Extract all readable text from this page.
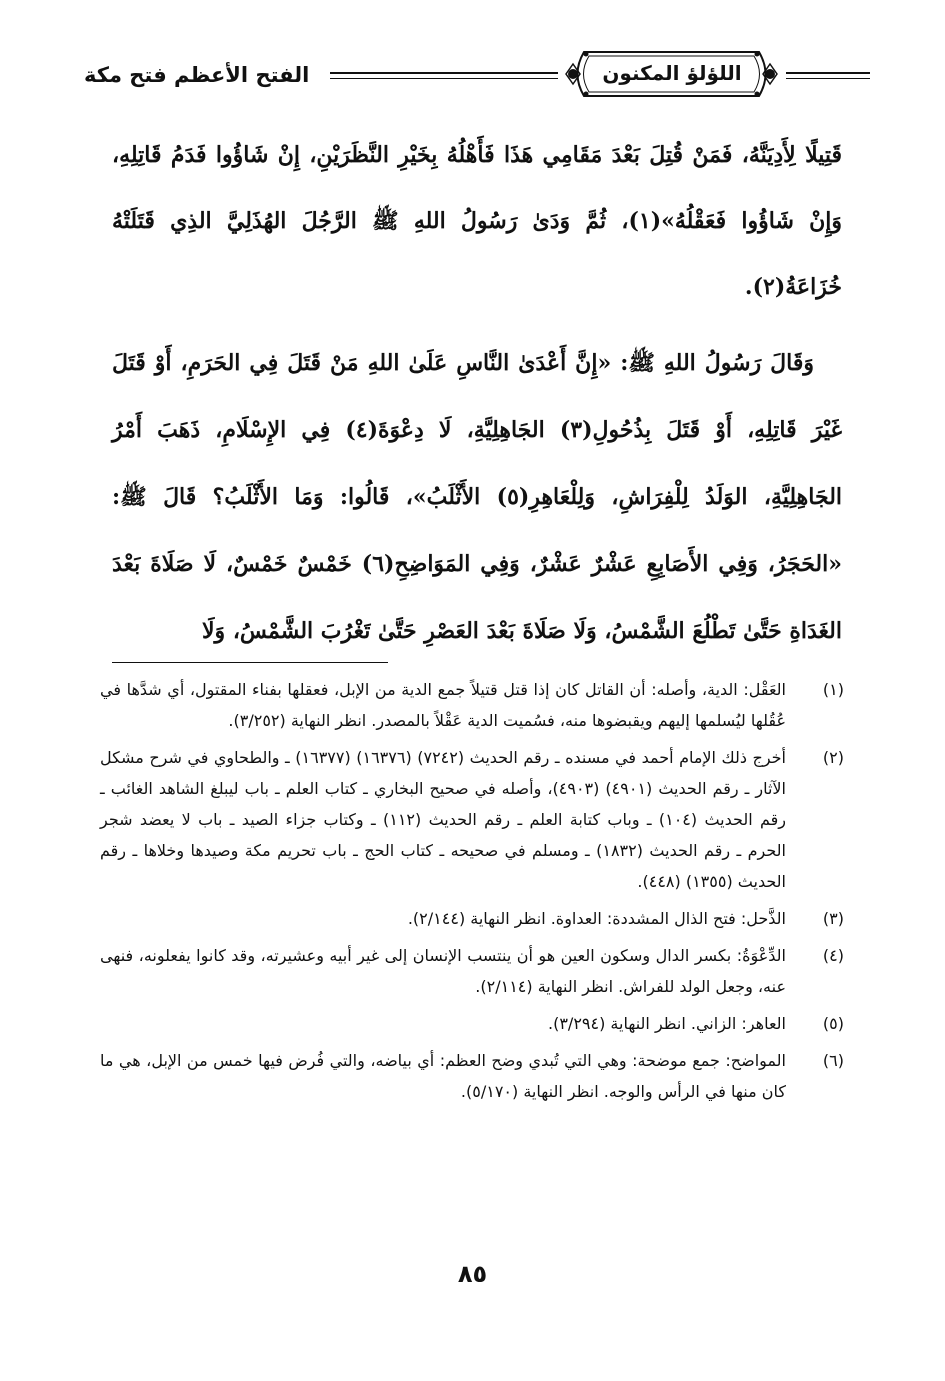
الفتح الأعظم فتح مكة	اللؤلؤ المكنون

قَتِيلًا لِأَدِيَنَّهُ، فَمَنْ قُتِلَ بَعْدَ مَقَامِي هَذَا فَأَهْلُهُ بِخَيْرِ النَّظَرَيْنِ، إِنْ شَاؤُوا فَدَمُ قَاتِلِهِ، وَإِنْ شَاؤُوا فَعَقْلُهُ»(١)، ثُمَّ وَدَىٰ رَسُولُ اللهِ ﷺ الرَّجُلَ الهُذَلِيَّ الذِي قَتَلَتْهُ خُزَاعَةُ(٢).

وَقَالَ رَسُولُ اللهِ ﷺ: «إِنَّ أَعْدَىٰ النَّاسِ عَلَىٰ اللهِ مَنْ قَتَلَ فِي الحَرَمِ، أَوْ قَتَلَ غَيْرَ قَاتِلِهِ، أَوْ قَتَلَ بِذُحُولِ(٣) الجَاهِلِيَّةِ، لَا دِعْوَةَ(٤) فِي الإِسْلَامِ، ذَهَبَ أَمْرُ الجَاهِلِيَّةِ، الوَلَدُ لِلْفِرَاشِ، وَلِلْعَاهِرِ(٥) الأَثْلَبُ»، قَالُوا: وَمَا الأَثْلَبُ؟ قَالَ ﷺ: «الحَجَرُ، وَفِي الأَصَابِعِ عَشْرٌ عَشْرٌ، وَفِي المَوَاضِحِ(٦) خَمْسٌ خَمْسٌ، لَا صَلَاةَ بَعْدَ الغَدَاةِ حَتَّىٰ تَطْلُعَ الشَّمْسُ، وَلَا صَلَاةَ بَعْدَ العَصْرِ حَتَّىٰ تَغْرُبَ الشَّمْسُ، وَلَا

(١)
العَقْل: الدية، وأصله: أن القاتل كان إذا قتل قتيلاً جمع الدية من الإبل، فعقلها بفناء المقتول، أي شدَّها في عُقُلها ليُسلمها إليهم ويقبضوها منه، فسُميت الدية عَقْلاً بالمصدر. انظر النهاية (٣/٢٥٢).
(٢)
أخرج ذلك الإمام أحمد في مسنده ـ رقم الحديث (٧٢٤٢) (١٦٣٧٦) (١٦٣٧٧) ـ والطحاوي في شرح مشكل الآثار ـ رقم الحديث (٤٩٠١) (٤٩٠٣)، وأصله في صحيح البخاري ـ كتاب العلم ـ باب ليبلغ الشاهد الغائب ـ رقم الحديث (١٠٤) ـ وباب كتابة العلم ـ رقم الحديث (١١٢) ـ وكتاب جزاء الصيد ـ باب لا يعضد شجر الحرم ـ رقم الحديث (١٨٣٢) ـ ومسلم في صحيحه ـ كتاب الحج ـ باب تحريم مكة وصيدها وخلاها ـ رقم الحديث (١٣٥٥) (٤٤٨).
(٣)
الذَّحل: فتح الذال المشددة: العداوة. انظر النهاية (٢/١٤٤).
(٤)
الدِّعْوَةُ: بكسر الدال وسكون العين هو أن ينتسب الإنسان إلى غير أبيه وعشيرته، وقد كانوا يفعلونه، فنهى عنه، وجعل الولد للفراش. انظر النهاية (٢/١١٤).
(٥)
العاهر: الزاني. انظر النهاية (٣/٢٩٤).
(٦)
المواضح: جمع موضحة: وهي التي تُبدي وضح العظم: أي بياضه، والتي فُرض فيها خمس من الإبل، هي ما كان منها في الرأس والوجه. انظر النهاية (٥/١٧٠).
٨٥
